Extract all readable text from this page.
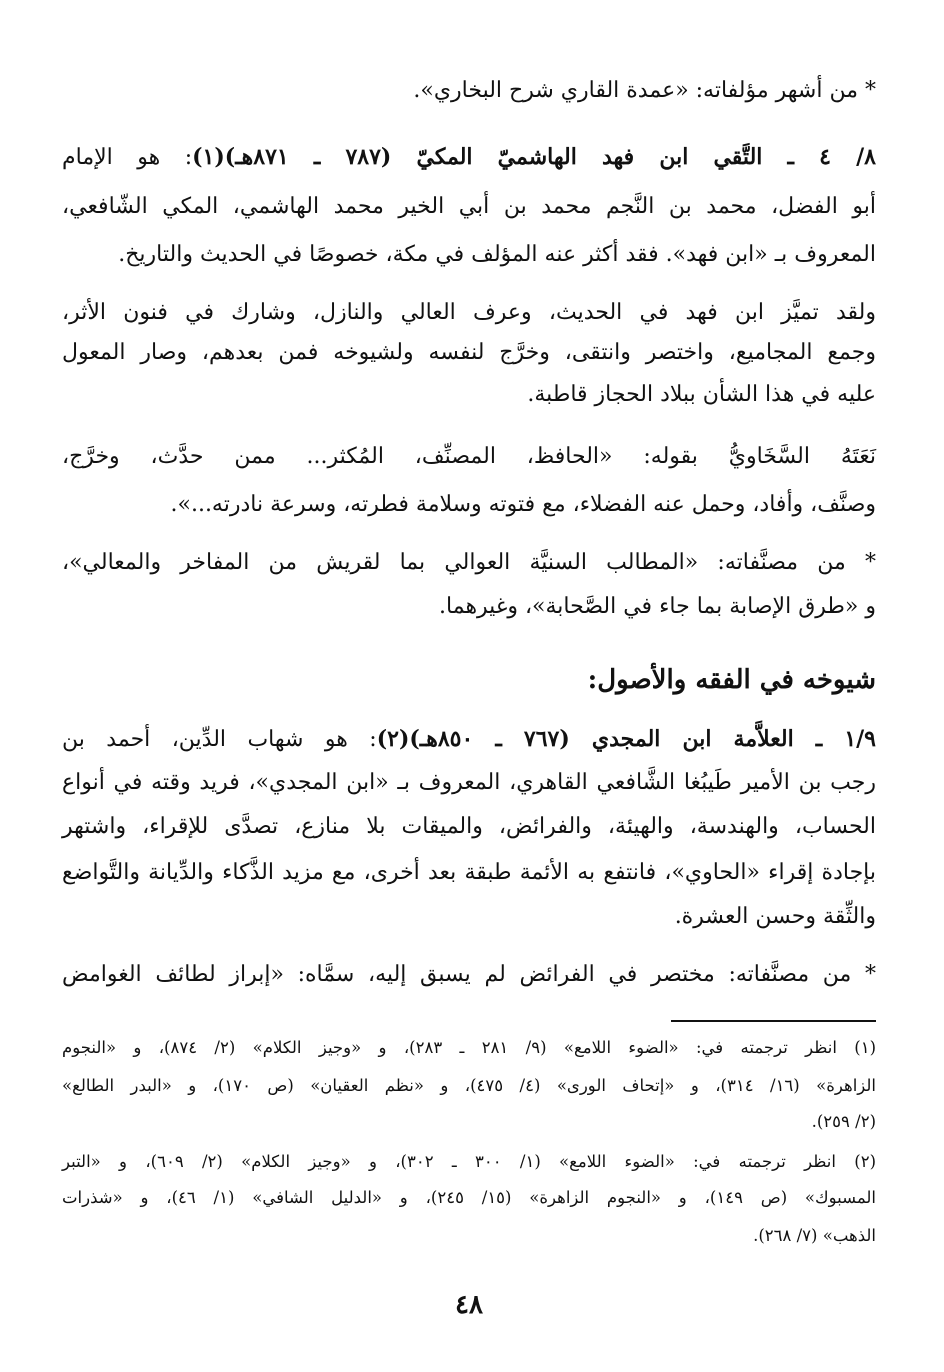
* من أشهر مؤلفاته: «عمدة القاري شرح البخاري».
٨/ ٤ ـ التَّقي ابن فهد الهاشميّ المكيّ (٧٨٧ ـ ٨٧١هـ)(١): هو الإمام
أبو الفضل، محمد بن النَّجم محمد بن أبي الخير محمد الهاشمي، المكي الشّافعي،
المعروف بـ «ابن فهد». فقد أكثر عنه المؤلف في مكة، خصوصًا في الحديث والتاريخ.
ولقد تميَّز ابن فهد في الحديث، وعرف العالي والنازل، وشارك في فنون الأثر،
وجمع المجاميع، واختصر وانتقى، وخرَّج لنفسه ولشيوخه فمن بعدهم، وصار المعول
عليه في هذا الشأن ببلاد الحجاز قاطبة.
نَعَتَهُ السَّخَاويُّ بقوله: «الحافظ، المصنِّف، المُكثر... ممن حدَّث، وخرَّج،
وصنَّف، وأفاد، وحمل عنه الفضلاء، مع فتوته وسلامة فطرته، وسرعة نادرته...».
* من مصنَّفاته: «المطالب السنيَّة العوالي بما لقريش من المفاخر والمعالي»،
و «طرق الإصابة بما جاء في الصَّحابة»، وغيرهما.
شيوخه في الفقه والأصول:
١/٩ ـ العلاَّمة ابن المجدي (٧٦٧ ـ ٨٥٠هـ)(٢): هو شهاب الدِّين، أحمد بن
رجب بن الأمير طَيبُغا الشَّافعي القاهري، المعروف بـ «ابن المجدي»، فريد وقته في أنواع
الحساب، والهندسة، والهيئة، والفرائض، والميقات بلا منازع، تصدَّى للإقراء، واشتهر
بإجادة إقراء «الحاوي»، فانتفع به الأئمة طبقة بعد أخرى، مع مزيد الذَّكاء والدِّيانة والتَّواضع
والثِّقة وحسن العشرة.
* من مصنَّفاته: مختصر في الفرائض لم يسبق إليه، سمَّاه: «إبراز لطائف الغوامض
(١) انظر ترجمته في: «الضوء اللامع» (٩/ ٢٨١ ـ ٢٨٣)، و «وجيز الكلام» (٢/ ٨٧٤)، و «النجوم
الزاهرة» (١٦/ ٣١٤)، و «إتحاف الورى» (٤/ ٤٧٥)، و «نظم العقيان» (ص ١٧٠)، و «البدر الطالع»
(٢/ ٢٥٩).
(٢) انظر ترجمته في: «الضوء اللامع» (١/ ٣٠٠ ـ ٣٠٢)، و «وجيز الكلام» (٢/ ٦٠٩)، و «التبر
المسبوك» (ص ١٤٩)، و «النجوم الزاهرة» (١٥/ ٢٤٥)، و «الدليل الشافي» (١/ ٤٦)، و «شذرات
الذهب» (٧/ ٢٦٨).
٤٨
